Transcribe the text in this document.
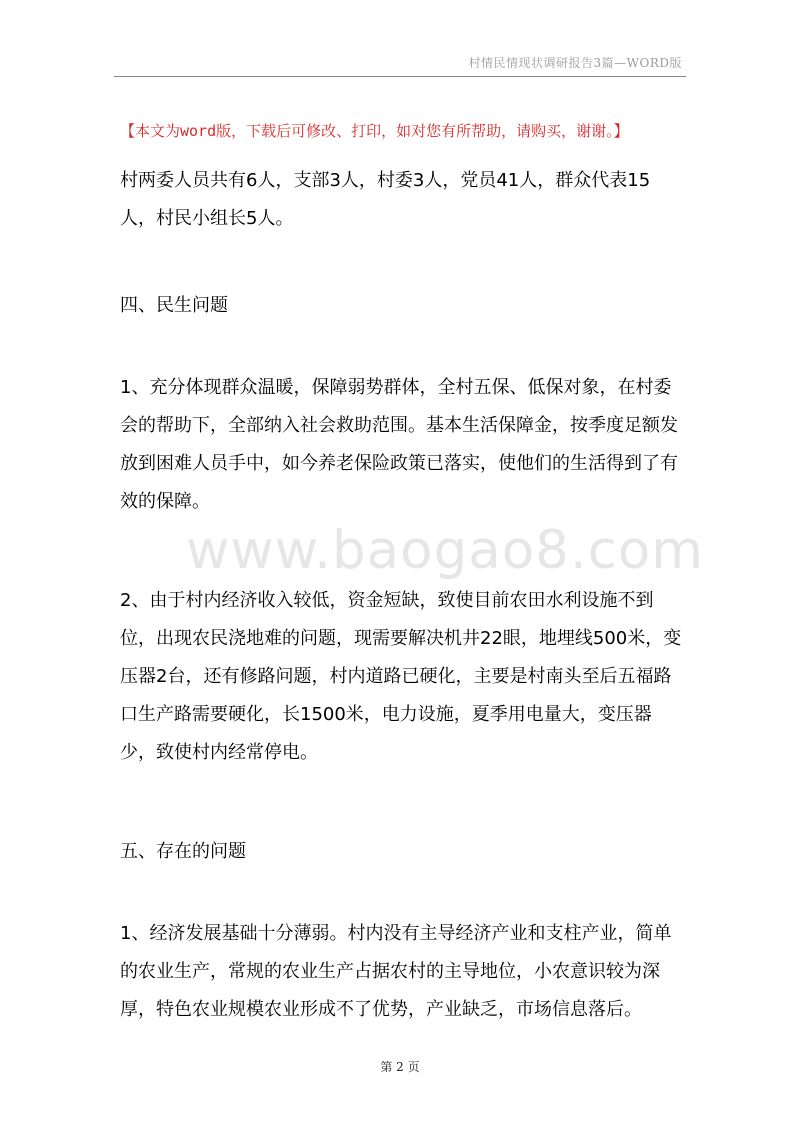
村情民情现状调研报告3篇—WORD版
【本文为word版，下载后可修改、打印，如对您有所帮助，请购买，谢谢。】
www.baogao8.com
村两委人员共有6人，支部3人，村委3人，党员41人，群众代表15人，村民小组长5人。
四、民生问题
1、充分体现群众温暖，保障弱势群体，全村五保、低保对象，在村委会的帮助下，全部纳入社会救助范围。基本生活保障金，按季度足额发放到困难人员手中，如今养老保险政策已落实，使他们的生活得到了有效的保障。
2、由于村内经济收入较低，资金短缺，致使目前农田水利设施不到位，出现农民浇地难的问题，现需要解决机井22眼，地埋线500米，变压器2台，还有修路问题，村内道路已硬化，主要是村南头至后五福路口生产路需要硬化，长1500米，电力设施，夏季用电量大，变压器少，致使村内经常停电。
五、存在的问题
1、经济发展基础十分薄弱。村内没有主导经济产业和支柱产业，简单的农业生产，常规的农业生产占据农村的主导地位，小农意识较为深厚，特色农业规模农业形成不了优势，产业缺乏，市场信息落后。
第 2 页
